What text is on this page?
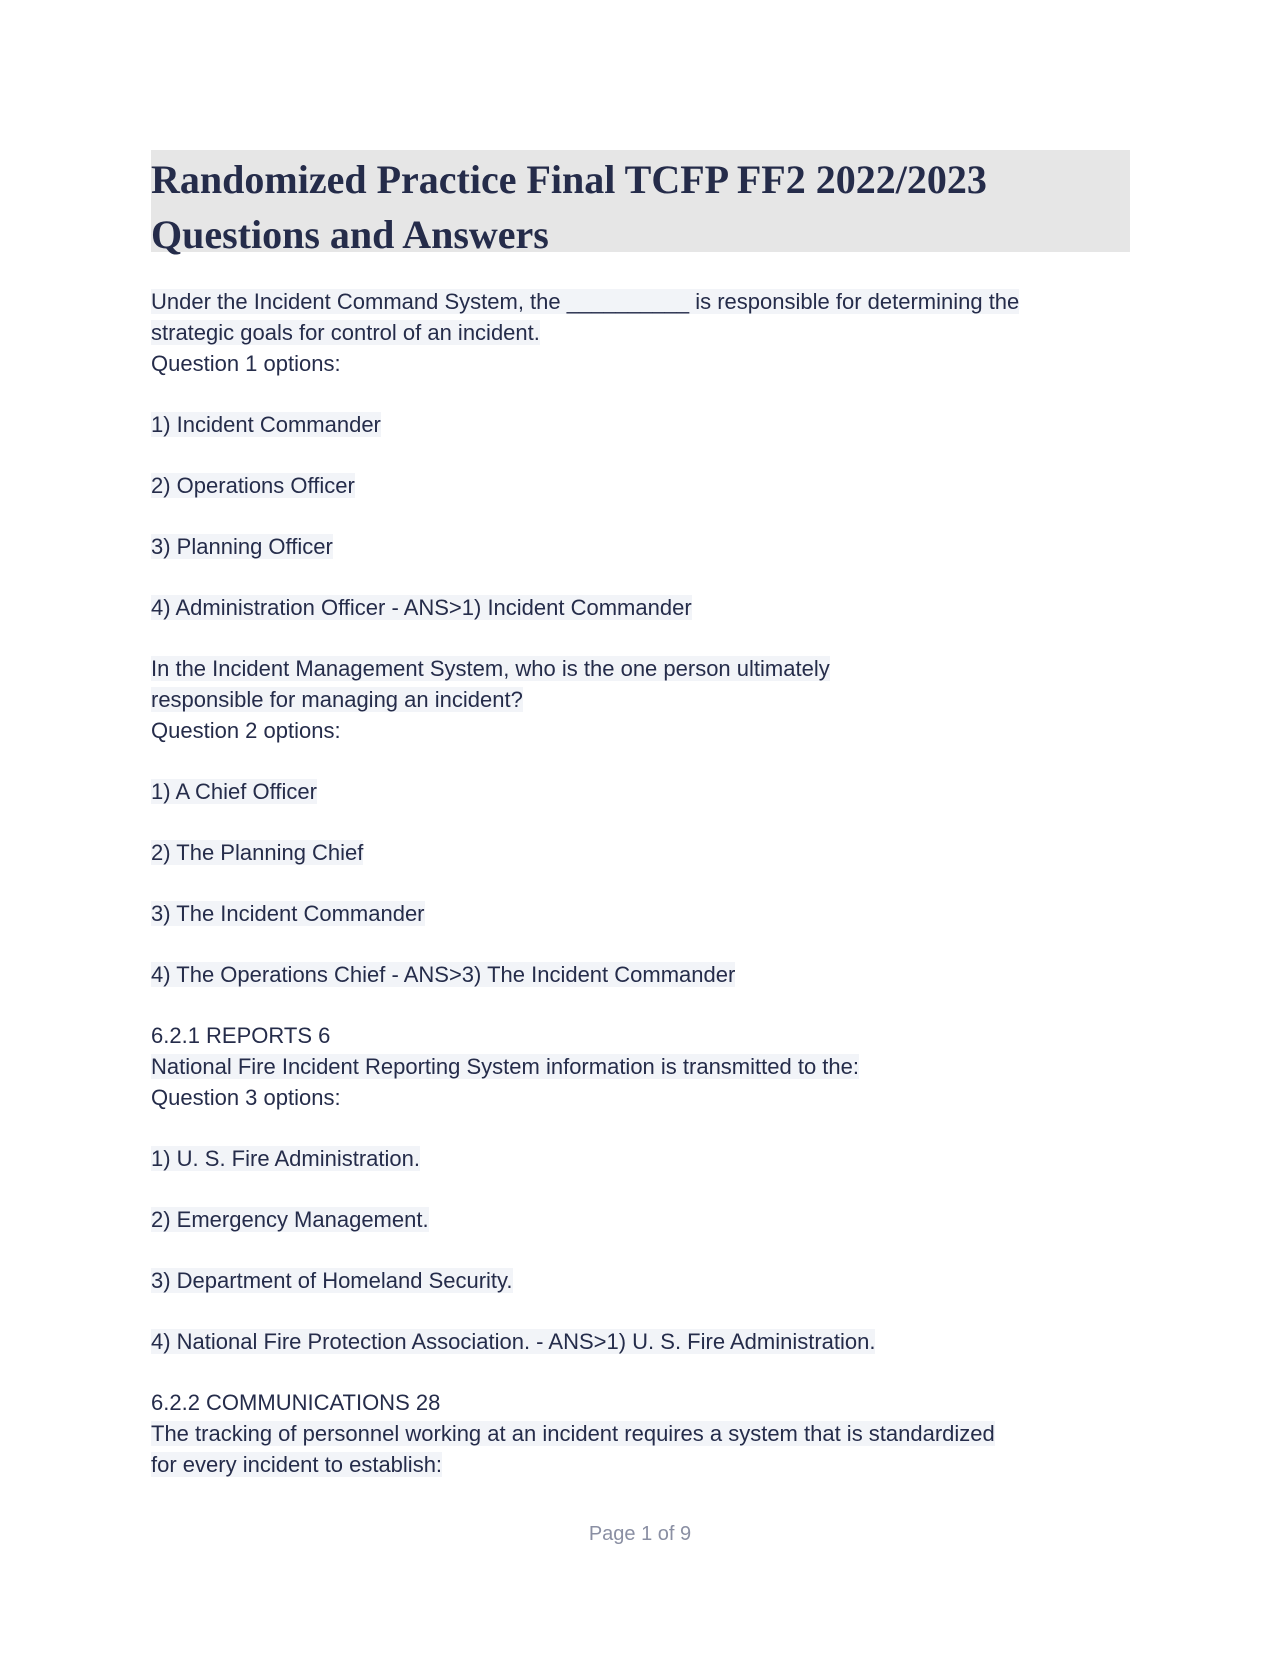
Randomized Practice Final TCFP FF2 2022/2023
Questions and Answers
Under the Incident Command System, the __________ is responsible for determining the
strategic goals for control of an incident.
Question 1 options:
1) Incident Commander
2) Operations Officer
3) Planning Officer
4) Administration Officer - ANS>1) Incident Commander
In the Incident Management System, who is the one person ultimately
responsible for managing an incident?
Question 2 options:
1) A Chief Officer
2) The Planning Chief
3) The Incident Commander
4) The Operations Chief - ANS>3) The Incident Commander
6.2.1 REPORTS 6
National Fire Incident Reporting System information is transmitted to the:
Question 3 options:
1) U. S. Fire Administration.
2) Emergency Management.
3) Department of Homeland Security.
4) National Fire Protection Association. - ANS>1) U. S. Fire Administration.
6.2.2 COMMUNICATIONS 28
The tracking of personnel working at an incident requires a system that is standardized
for every incident to establish:
Page 1 of 9
